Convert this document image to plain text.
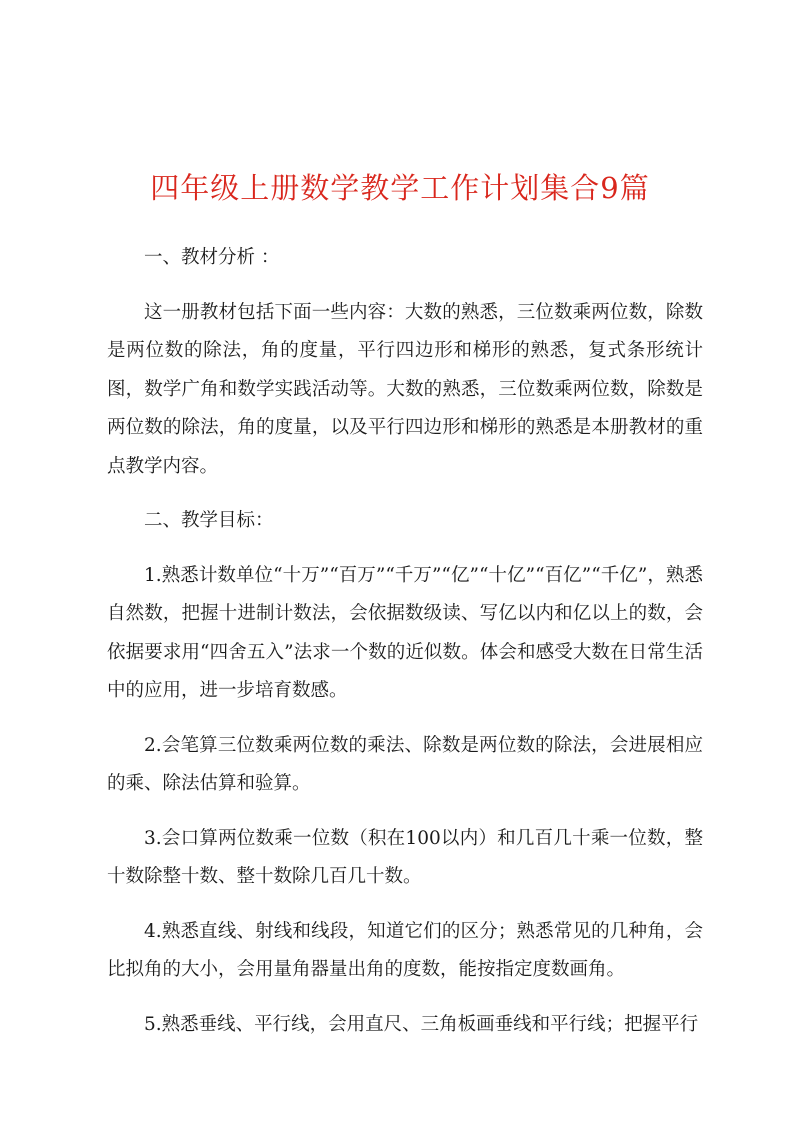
四年级上册数学教学工作计划集合9篇

一、教材分析 ：

这一册教材包括下面一些内容：大数的熟悉，三位数乘两位数，除数是两位数的除法，角的度量，平行四边形和梯形的熟悉，复式条形统计图，数学广角和数学实践活动等。大数的熟悉，三位数乘两位数，除数是两位数的除法，角的度量，以及平行四边形和梯形的熟悉是本册教材的重点教学内容。

二、教学目标：

1.熟悉计数单位“十万”“百万”“千万”“亿”“十亿”“百亿”“千亿”，熟悉自然数，把握十进制计数法，会依据数级读、写亿以内和亿以上的数，会依据要求用“四舍五入”法求一个数的近似数。体会和感受大数在日常生活中的应用，进一步培育数感。

2.会笔算三位数乘两位数的乘法、除数是两位数的除法，会进展相应的乘、除法估算和验算。

3.会口算两位数乘一位数（积在100以内）和几百几十乘一位数，整十数除整十数、整十数除几百几十数。

4.熟悉直线、射线和线段，知道它们的区分；熟悉常见的几种角，会比拟角的大小，会用量角器量出角的度数，能按指定度数画角。

5.熟悉垂线、平行线，会用直尺、三角板画垂线和平行线；把握平行
